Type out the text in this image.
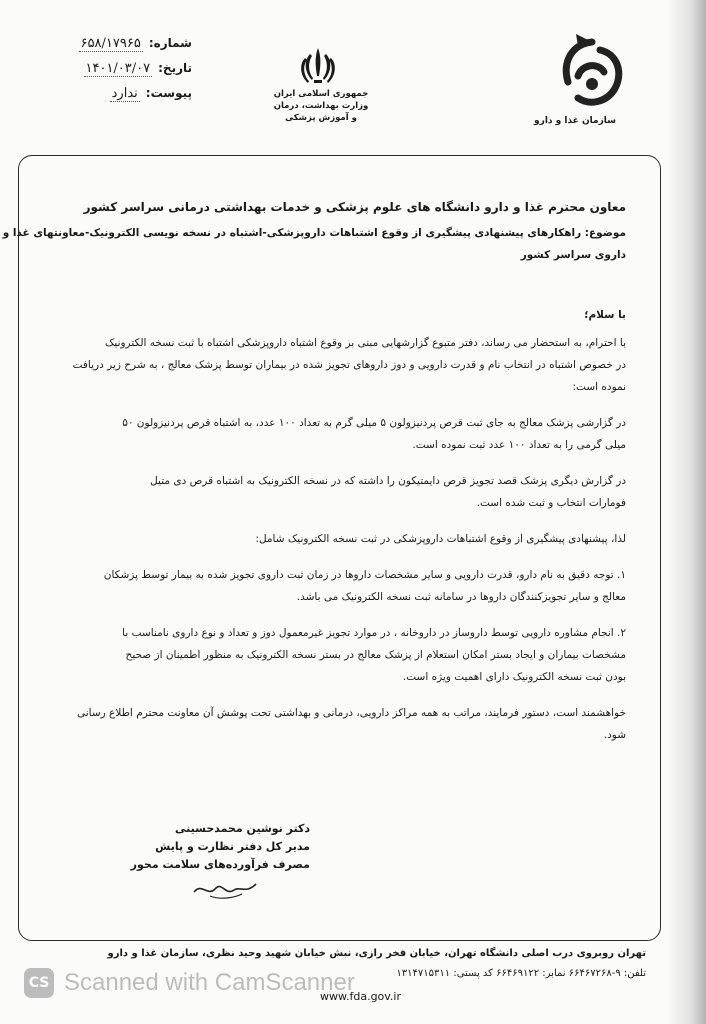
شماره:
۶۵۸/۱۷۹۶۵
تاریخ:
۱۴۰۱/۰۳/۰۷
پیوست:
ندارد	جمهوری اسلامی ایران
وزارت بهداشت، درمان
و آموزش پزشکی	سازمان غذا و دارو
معاون محترم غذا و دارو دانشگاه های علوم پزشکی و خدمات بهداشتی درمانی سراسر کشور
موضوع: راهکارهای پیشنهادی پیشگیری از وقوع اشتباهات داروپزشکی-اشتباه در نسخه نویسی الکترونیک-معاونتهای غذا و
داروی سراسر کشور
با سلام؛
با احترام، به استحضار می رساند، دفتر متبوع گزارشهایی مبنی بر وقوع اشتباه داروپزشکی اشتباه با ثبت نسخه الکترونیک
در خصوص اشتباه در انتخاب نام و قدرت دارویی و دوز داروهای تجویز شده در بیماران توسط پزشک معالج ، به شرح زیر دریافت
نموده است:
در گزارشی پزشک معالج به جای ثبت قرص پردنیزولون ۵ میلی گرم به تعداد ۱۰۰ عدد، به اشتباه قرص پردنیزولون ۵۰
میلی گرمی را به تعداد ۱۰۰ عدد ثبت نموده است.
در گزارش دیگری پزشک قصد تجویز قرص دایمتیکون را داشته که در نسخه الکترونیک به اشتباه قرص دی متیل
فومارات انتخاب و ثبت شده است.
لذا، پیشنهادی پیشگیری از وقوع اشتباهات داروپزشکی در ثبت نسخه الکترونیک شامل:
۱. توجه دقیق به نام دارو، قدرت دارویی و سایر مشخصات داروها در زمان ثبت داروی تجویز شده به بیمار توسط پزشکان
معالج و سایر تجویزکنندگان داروها در سامانه ثبت نسخه الکترونیک می باشد.
۲. انجام مشاوره دارویی توسط داروساز در داروخانه ، در موارد تجویز غیرمعمول دوز و تعداد و نوع داروی نامناسب با
مشخصات بیماران و ایجاد بستر امکان استعلام از پزشک معالج در بستر نسخه الکترونیک به منظور اطمینان از صحیح
بودن ثبت نسخه الکترونیک دارای اهمیت ویژه است.
خواهشمند است، دستور فرمایند، مراتب به همه مراکز دارویی، درمانی و بهداشتی تحت پوشش آن معاونت محترم اطلاع رسانی
شود.
دکتر نوشین محمدحسینی
مدیر کل دفتر نظارت و پایش
مصرف فرآورده‌های سلامت محور
تهران روبروی درب اصلی دانشگاه تهران، خیابان فخر رازی، نبش خیابان شهید وحید نظری، سازمان غذا و دارو
تلفن: ۹-۶۶۴۶۷۲۶۸ نمابر: ۶۶۴۶۹۱۲۲ کد پستی: ۱۳۱۴۷۱۵۳۱۱
www.fda.gov.ir
CS Scanned with CamScanner
